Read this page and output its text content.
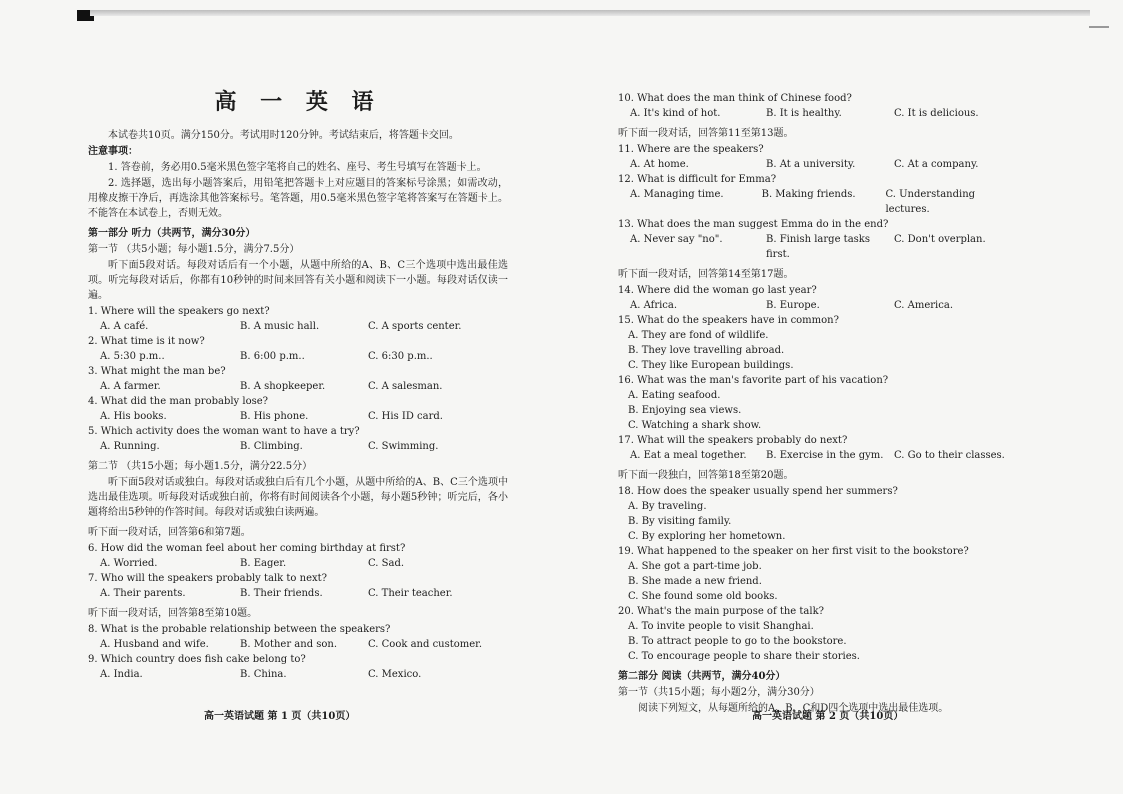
高 一 英 语

本试卷共10页。满分150分。考试用时120分钟。考试结束后，将答题卡交回。

注意事项：

1. 答卷前，务必用0.5毫米黑色签字笔将自己的姓名、座号、考生号填写在答题卡上。

2. 选择题，选出每小题答案后，用铅笔把答题卡上对应题目的答案标号涂黑；如需改动，用橡皮擦干净后，再选涂其他答案标号。笔答题，用0.5毫米黑色签字笔将答案写在答题卡上。不能答在本试卷上，否则无效。

第一部分 听力（共两节，满分30分）

第一节 （共5小题；每小题1.5分，满分7.5分）

听下面5段对话。每段对话后有一个小题，从题中所给的A、B、C三个选项中选出最佳选项。听完每段对话后，你都有10秒钟的时间来回答有关小题和阅读下一小题。每段对话仅读一遍。

1. Where will the speakers go next?

A. A café.	B. A music hall.	C. A sports center.

2. What time is it now?

A. 5:30 p.m..	B. 6:00 p.m..	C. 6:30 p.m..

3. What might the man be?

A. A farmer.	B. A shopkeeper.	C. A salesman.

4. What did the man probably lose?

A. His books.	B. His phone.	C. His ID card.

5. Which activity does the woman want to have a try?

A. Running.	B. Climbing.	C. Swimming.

第二节 （共15小题；每小题1.5分，满分22.5分）

听下面5段对话或独白。每段对话或独白后有几个小题，从题中所给的A、B、C三个选项中选出最佳选项。听每段对话或独白前，你将有时间阅读各个小题，每小题5秒钟；听完后，各小题将给出5秒钟的作答时间。每段对话或独白读两遍。

听下面一段对话，回答第6和第7题。

6. How did the woman feel about her coming birthday at first?

A. Worried.	B. Eager.	C. Sad.

7. Who will the speakers probably talk to next?

A. Their parents.	B. Their friends.	C. Their teacher.

听下面一段对话，回答第8至第10题。

8. What is the probable relationship between the speakers?

A. Husband and wife.	B. Mother and son.	C. Cook and customer.

9. Which country does fish cake belong to?

A. India.	B. China.	C. Mexico.

10. What does the man think of Chinese food?

A. It's kind of hot.	B. It is healthy.	C. It is delicious.

听下面一段对话，回答第11至第13题。

11. Where are the speakers?

A. At home.	B. At a university.	C. At a company.

12. What is difficult for Emma?

A. Managing time.	B. Making friends.	C. Understanding lectures.

13. What does the man suggest Emma do in the end?

A. Never say "no".	B. Finish large tasks first.
C. Don't overplan.

听下面一段对话，回答第14至第17题。

14. Where did the woman go last year?

A. Africa.	B. Europe.	C. America.

15. What do the speakers have in common?

A. They are fond of wildlife.

B. They love travelling abroad.

C. They like European buildings.

16. What was the man's favorite part of his vacation?

A. Eating seafood.

B. Enjoying sea views.

C. Watching a shark show.

17. What will the speakers probably do next?

A. Eat a meal together.	B. Exercise in the gym.	C. Go to their classes.

听下面一段独白，回答第18至第20题。

18. How does the speaker usually spend her summers?

A. By traveling.

B. By visiting family.

C. By exploring her hometown.

19. What happened to the speaker on her first visit to the bookstore?

A. She got a part-time job.

B. She made a new friend.

C. She found some old books.

20. What's the main purpose of the talk?

A. To invite people to visit Shanghai.

B. To attract people to go to the bookstore.

C. To encourage people to share their stories.

第二部分 阅读（共两节，满分40分）

第一节（共15小题；每小题2分，满分30分）

阅读下列短文，从每题所给的A、B、C和D四个选项中选出最佳选项。

高一英语试题 第 1 页（共10页）	高一英语试题 第 2 页（共10页）
